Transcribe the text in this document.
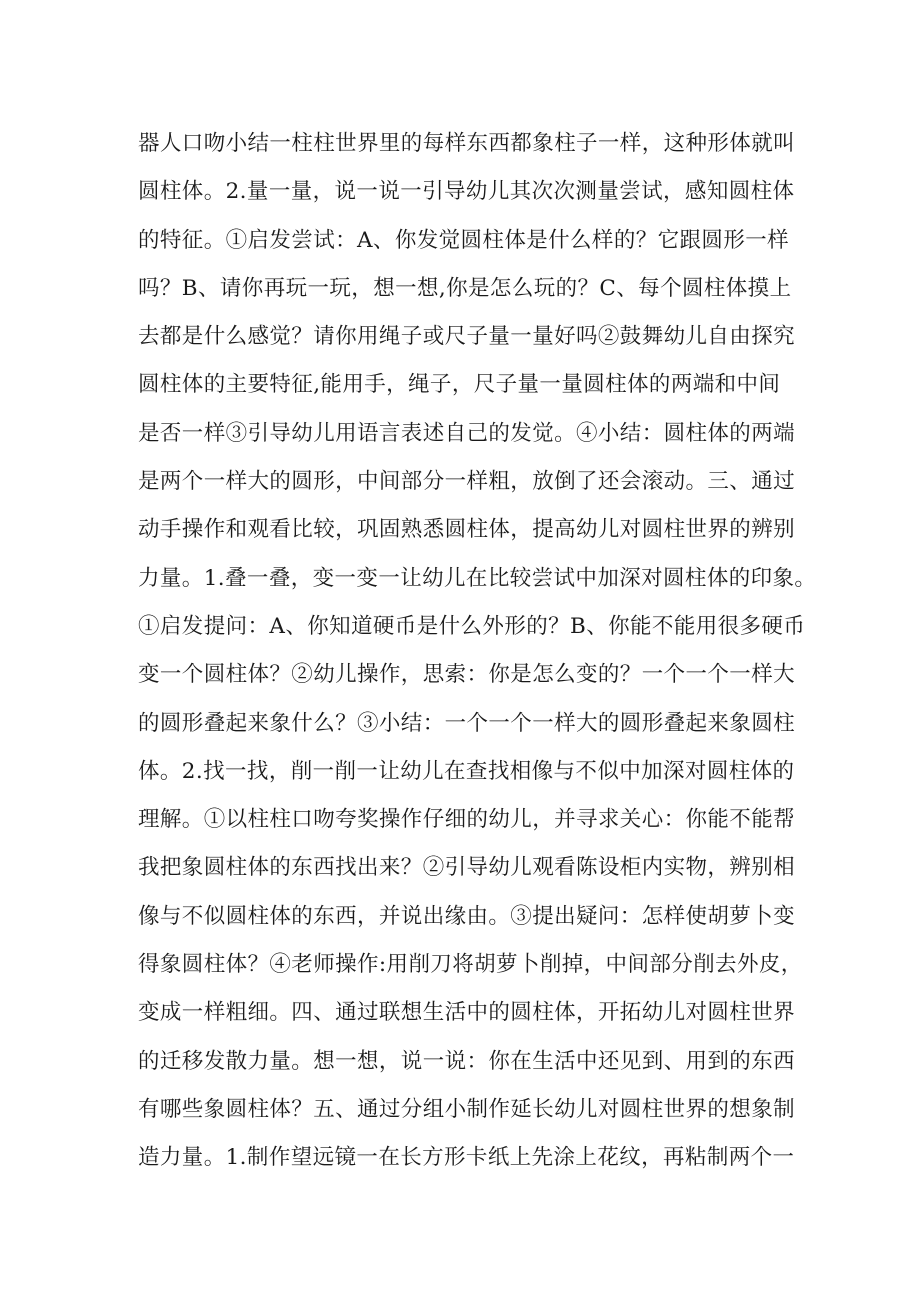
器人口吻小结一柱柱世界里的每样东西都象柱子一样，这种形体就叫
圆柱体。2.量一量，说一说一引导幼儿其次次测量尝试，感知圆柱体
的特征。①启发尝试：A、你发觉圆柱体是什么样的？它跟圆形一样
吗？B、请你再玩一玩，想一想,你是怎么玩的？C、每个圆柱体摸上
去都是什么感觉？请你用绳子或尺子量一量好吗②鼓舞幼儿自由探究
圆柱体的主要特征,能用手，绳子，尺子量一量圆柱体的两端和中间
是否一样③引导幼儿用语言表述自己的发觉。④小结：圆柱体的两端
是两个一样大的圆形，中间部分一样粗，放倒了还会滚动。三、通过
动手操作和观看比较，巩固熟悉圆柱体，提高幼儿对圆柱世界的辨别
力量。1.叠一叠，变一变一让幼儿在比较尝试中加深对圆柱体的印象。
①启发提问：A、你知道硬币是什么外形的？B、你能不能用很多硬币
变一个圆柱体？②幼儿操作，思索：你是怎么变的？一个一个一样大
的圆形叠起来象什么？③小结：一个一个一样大的圆形叠起来象圆柱
体。2.找一找，削一削一让幼儿在查找相像与不似中加深对圆柱体的
理解。①以柱柱口吻夸奖操作仔细的幼儿，并寻求关心：你能不能帮
我把象圆柱体的东西找出来？②引导幼儿观看陈设柜内实物，辨别相
像与不似圆柱体的东西，并说出缘由。③提出疑问：怎样使胡萝卜变
得象圆柱体？④老师操作:用削刀将胡萝卜削掉，中间部分削去外皮，
变成一样粗细。四、通过联想生活中的圆柱体，开拓幼儿对圆柱世界
的迁移发散力量。想一想，说一说：你在生活中还见到、用到的东西
有哪些象圆柱体？五、通过分组小制作延长幼儿对圆柱世界的想象制
造力量。1.制作望远镜一在长方形卡纸上先涂上花纹，再粘制两个一
